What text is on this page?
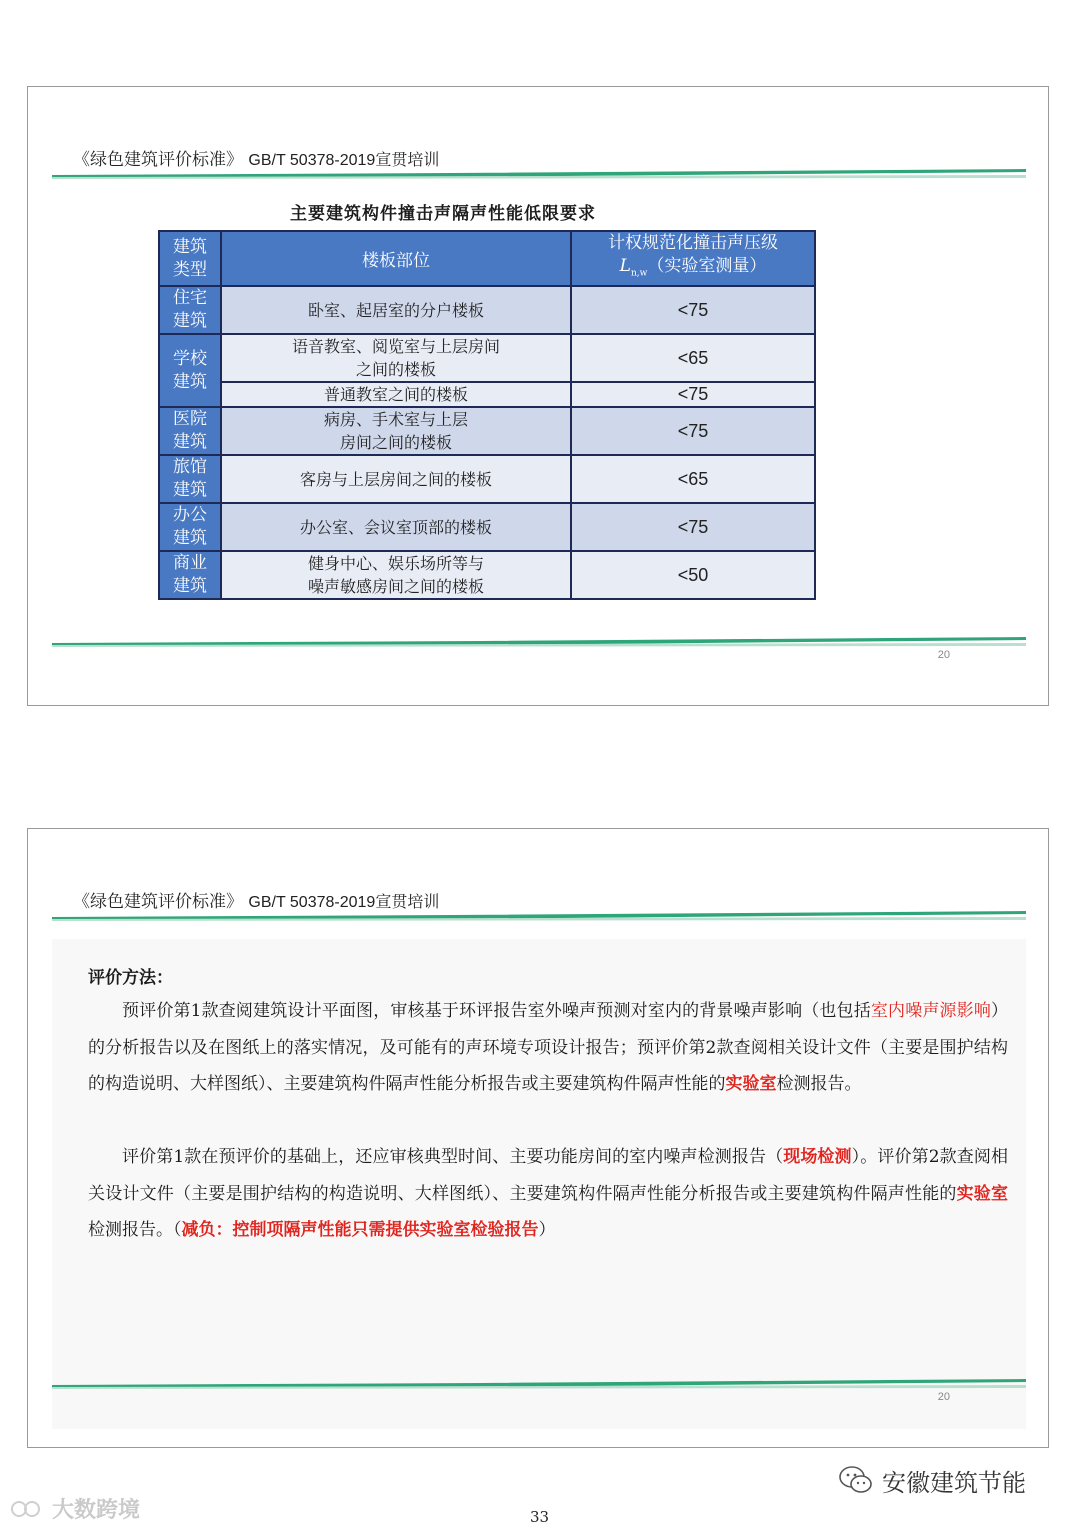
《绿色建筑评价标准》 GB/T 50378-2019宣贯培训
主要建筑构件撞击声隔声性能低限要求
建筑
类型	楼板部位	计权规范化撞击声压级
$L_{n,w}$（实验室测量）
住宅
建筑	卧室、起居室的分户楼板	<75
学校
建筑	语音教室、阅览室与上层房间
之间的楼板	<65
	普通教室之间的楼板	<75
医院
建筑	病房、手术室与上层
房间之间的楼板	<75
旅馆
建筑	客房与上层房间之间的楼板	<65
办公
建筑	办公室、会议室顶部的楼板	<75
商业
建筑	健身中心、娱乐场所等与
噪声敏感房间之间的楼板	<50
20
《绿色建筑评价标准》 GB/T 50378-2019宣贯培训
评价方法：
预评价第1款查阅建筑设计平面图，审核基于环评报告室外噪声预测对室内的背景噪声影响（也包括室内噪声源影响）的分析报告以及在图纸上的落实情况，及可能有的声环境专项设计报告；预评价第2款查阅相关设计文件（主要是围护结构的构造说明、大样图纸）、主要建筑构件隔声性能分析报告或主要建筑构件隔声性能的实验室检测报告。
评价第1款在预评价的基础上，还应审核典型时间、主要功能房间的室内噪声检测报告（现场检测）。评价第2款查阅相关设计文件（主要是围护结构的构造说明、大样图纸）、主要建筑构件隔声性能分析报告或主要建筑构件隔声性能的实验室检测报告。（减负：控制项隔声性能只需提供实验室检验报告）
20
安徽建筑节能
大数跨境	33
